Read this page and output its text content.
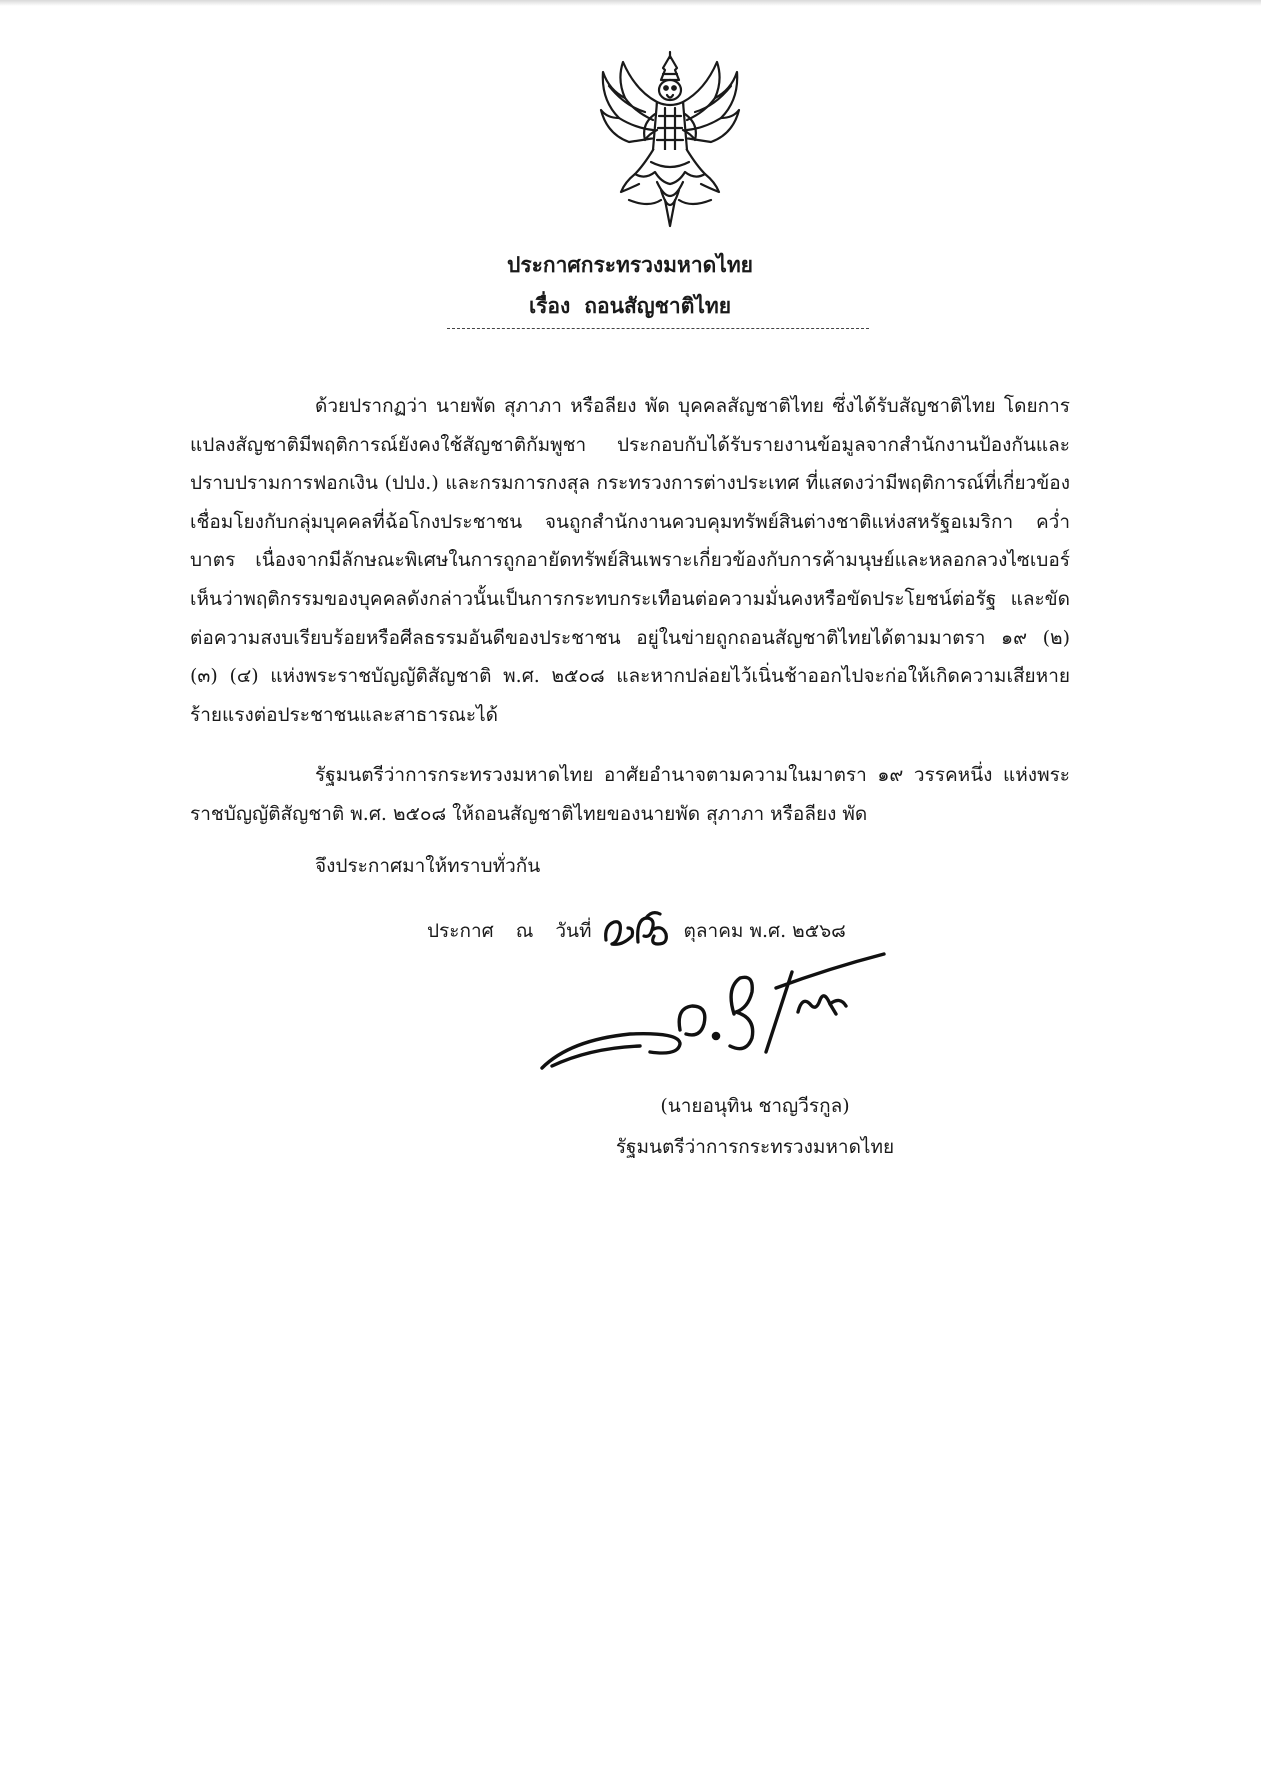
ประกาศกระทรวงมหาดไทย
เรื่อง ถอนสัญชาติไทย
ด้วยปรากฏว่า นายพัด สุภาภา หรือลียง พัด บุคคลสัญชาติไทย ซึ่งได้รับสัญชาติไทย โดยการแปลงสัญชาติมีพฤติการณ์ยังคงใช้สัญชาติกัมพูชา ประกอบกับได้รับรายงานข้อมูลจากสำนักงานป้องกันและปราบปรามการฟอกเงิน (ปปง.) และกรมการกงสุล กระทรวงการต่างประเทศ ที่แสดงว่ามีพฤติการณ์ที่เกี่ยวข้องเชื่อมโยงกับกลุ่มบุคคลที่ฉ้อโกงประชาชน จนถูกสำนักงานควบคุมทรัพย์สินต่างชาติแห่งสหรัฐอเมริกา คว่ำบาตร เนื่องจากมีลักษณะพิเศษในการถูกอายัดทรัพย์สินเพราะเกี่ยวข้องกับการค้ามนุษย์และหลอกลวงไซเบอร์ เห็นว่าพฤติกรรมของบุคคลดังกล่าวนั้นเป็นการกระทบกระเทือนต่อความมั่นคงหรือขัดประโยชน์ต่อรัฐ และขัดต่อความสงบเรียบร้อยหรือศีลธรรมอันดีของประชาชน อยู่ในข่ายถูกถอนสัญชาติไทยได้ตามมาตรา ๑๙ (๒) (๓) (๔) แห่งพระราชบัญญัติสัญชาติ พ.ศ. ๒๕๐๘ และหากปล่อยไว้เนิ่นช้าออกไปจะก่อให้เกิดความเสียหายร้ายแรงต่อประชาชนและสาธารณะได้
รัฐมนตรีว่าการกระทรวงมหาดไทย อาศัยอำนาจตามความในมาตรา ๑๙ วรรคหนึ่ง แห่งพระราชบัญญัติสัญชาติ พ.ศ. ๒๕๐๘ ให้ถอนสัญชาติไทยของนายพัด สุภาภา หรือลียง พัด
จึงประกาศมาให้ทราบทั่วกัน
ประกาศ ณ วันที่	ตุลาคม พ.ศ. ๒๕๖๘
(นายอนุทิน ชาญวีรกูล)
รัฐมนตรีว่าการกระทรวงมหาดไทย
